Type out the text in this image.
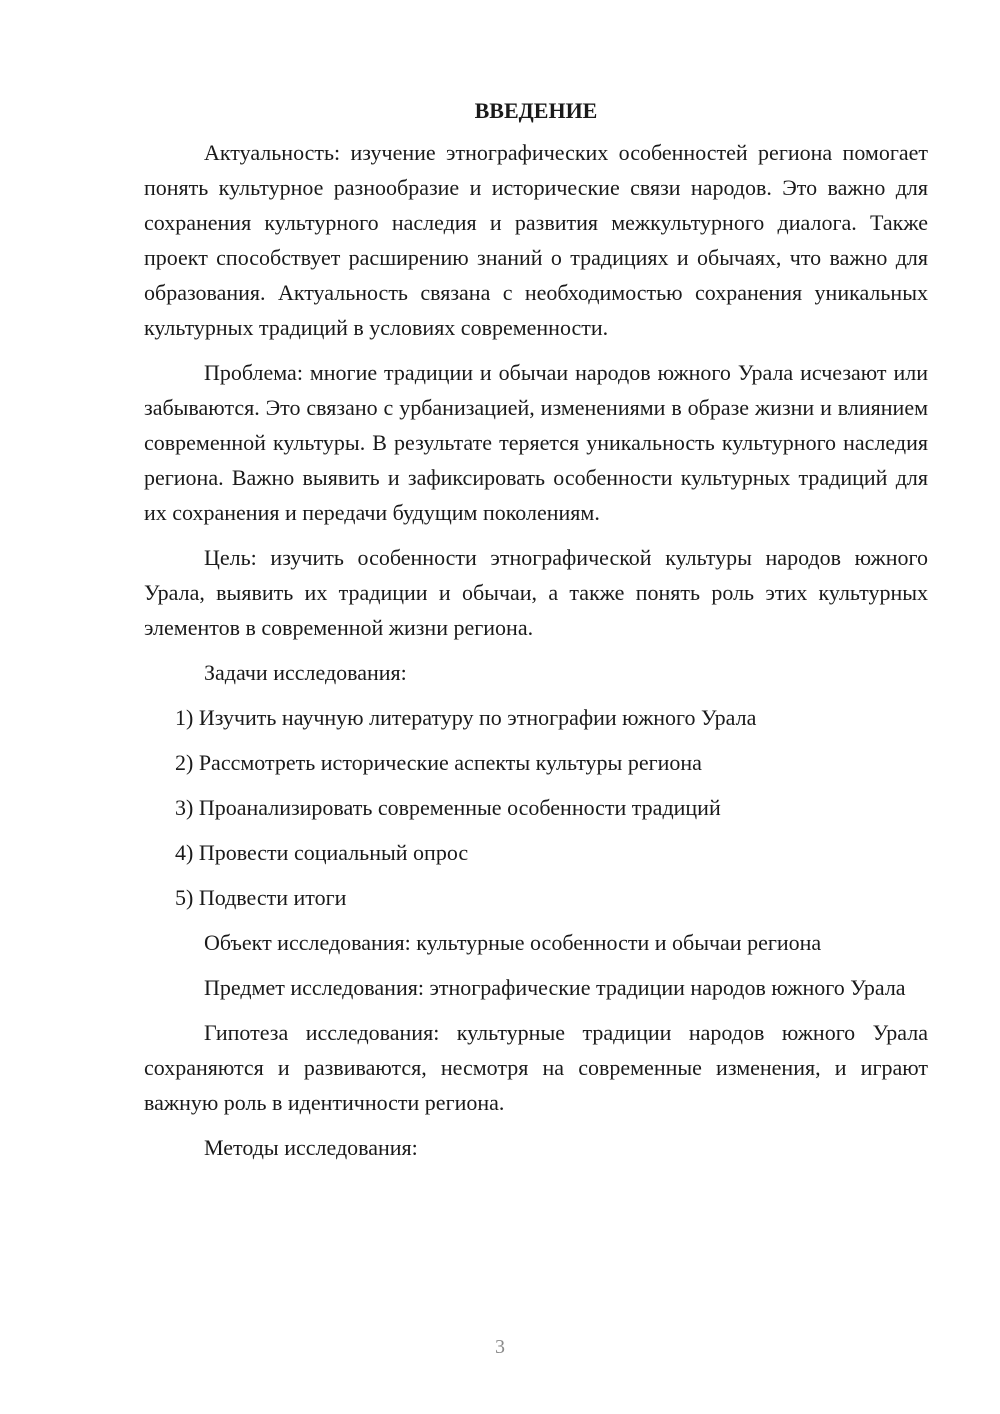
ВВЕДЕНИЕ

Актуальность: изучение этнографических особенностей региона помогает понять культурное разнообразие и исторические связи народов. Это важно для сохранения культурного наследия и развития межкультурного диалога. Также проект способствует расширению знаний о традициях и обычаях, что важно для образования. Актуальность связана с необходимостью сохранения уникальных культурных традиций в условиях современности.

Проблема: многие традиции и обычаи народов южного Урала исчезают или забываются. Это связано с урбанизацией, изменениями в образе жизни и влиянием современной культуры. В результате теряется уникальность культурного наследия региона. Важно выявить и зафиксировать особенности культурных традиций для их сохранения и передачи будущим поколениям.

Цель: изучить особенности этнографической культуры народов южного Урала, выявить их традиции и обычаи, а также понять роль этих культурных элементов в современной жизни региона.

Задачи исследования:

1) Изучить научную литературу по этнографии южного Урала

2) Рассмотреть исторические аспекты культуры региона

3) Проанализировать современные особенности традиций

4) Провести социальный опрос

5) Подвести итоги

Объект исследования: культурные особенности и обычаи региона

Предмет исследования: этнографические традиции народов южного Урала

Гипотеза исследования: культурные традиции народов южного Урала сохраняются и развиваются, несмотря на современные изменения, и играют важную роль в идентичности региона.

Методы исследования:

3
